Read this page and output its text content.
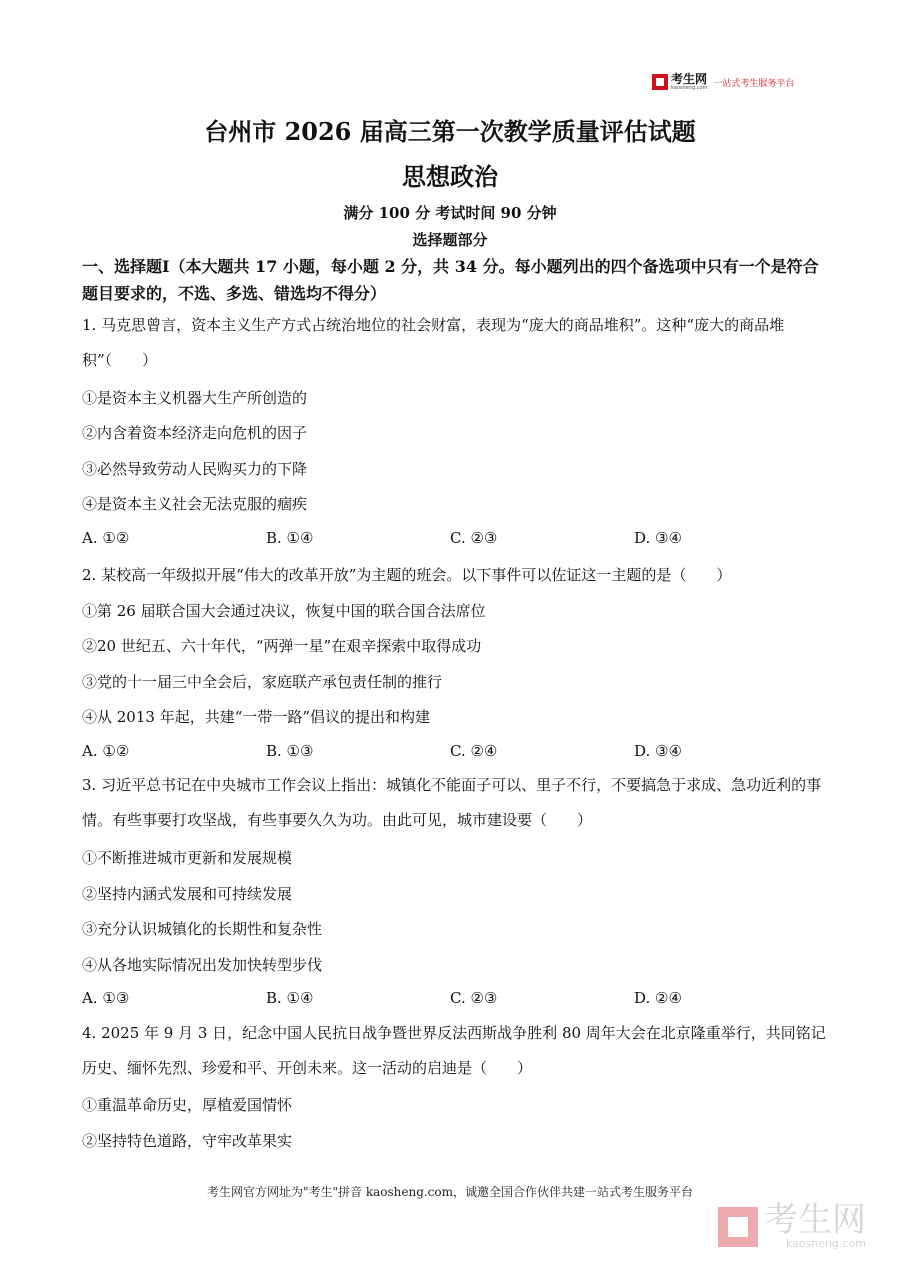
考生网
kaosheng.com 一站式考生服务平台
台州市 2026 届高三第一次教学质量评估试题
思想政治
满分 100 分 考试时间 90 分钟
选择题部分
一、选择题Ⅰ（本大题共 17 小题，每小题 2 分，共 34 分。每小题列出的四个备选项中只有一个是符合题目要求的，不选、多选、错选均不得分）
1. 马克思曾言，资本主义生产方式占统治地位的社会财富，表现为“庞大的商品堆积”。这种“庞大的商品堆积”（　　）
①是资本主义机器大生产所创造的
②内含着资本经济走向危机的因子
③必然导致劳动人民购买力的下降
④是资本主义社会无法克服的痼疾
A. ①②	B. ①④	C. ②③	D. ③④
2. 某校高一年级拟开展“伟大的改革开放”为主题的班会。以下事件可以佐证这一主题的是（　　）
①第 26 届联合国大会通过决议，恢复中国的联合国合法席位
②20 世纪五、六十年代，“两弹一星”在艰辛探索中取得成功
③党的十一届三中全会后，家庭联产承包责任制的推行
④从 2013 年起，共建“一带一路”倡议的提出和构建
A. ①②	B. ①③	C. ②④	D. ③④
3. 习近平总书记在中央城市工作会议上指出：城镇化不能面子可以、里子不行，不要搞急于求成、急功近利的事情。有些事要打攻坚战，有些事要久久为功。由此可见，城市建设要（　　）
①不断推进城市更新和发展规模
②坚持内涵式发展和可持续发展
③充分认识城镇化的长期性和复杂性
④从各地实际情况出发加快转型步伐
A. ①③	B. ①④	C. ②③	D. ②④
4. 2025 年 9 月 3 日，纪念中国人民抗日战争暨世界反法西斯战争胜利 80 周年大会在北京隆重举行，共同铭记历史、缅怀先烈、珍爱和平、开创未来。这一活动的启迪是（　　）
①重温革命历史，厚植爱国情怀
②坚持特色道路，守牢改革果实
考生网官方网址为"考生"拼音 kaosheng.com，诚邀全国合作伙伴共建一站式考生服务平台
考生网
kaosheng.com
